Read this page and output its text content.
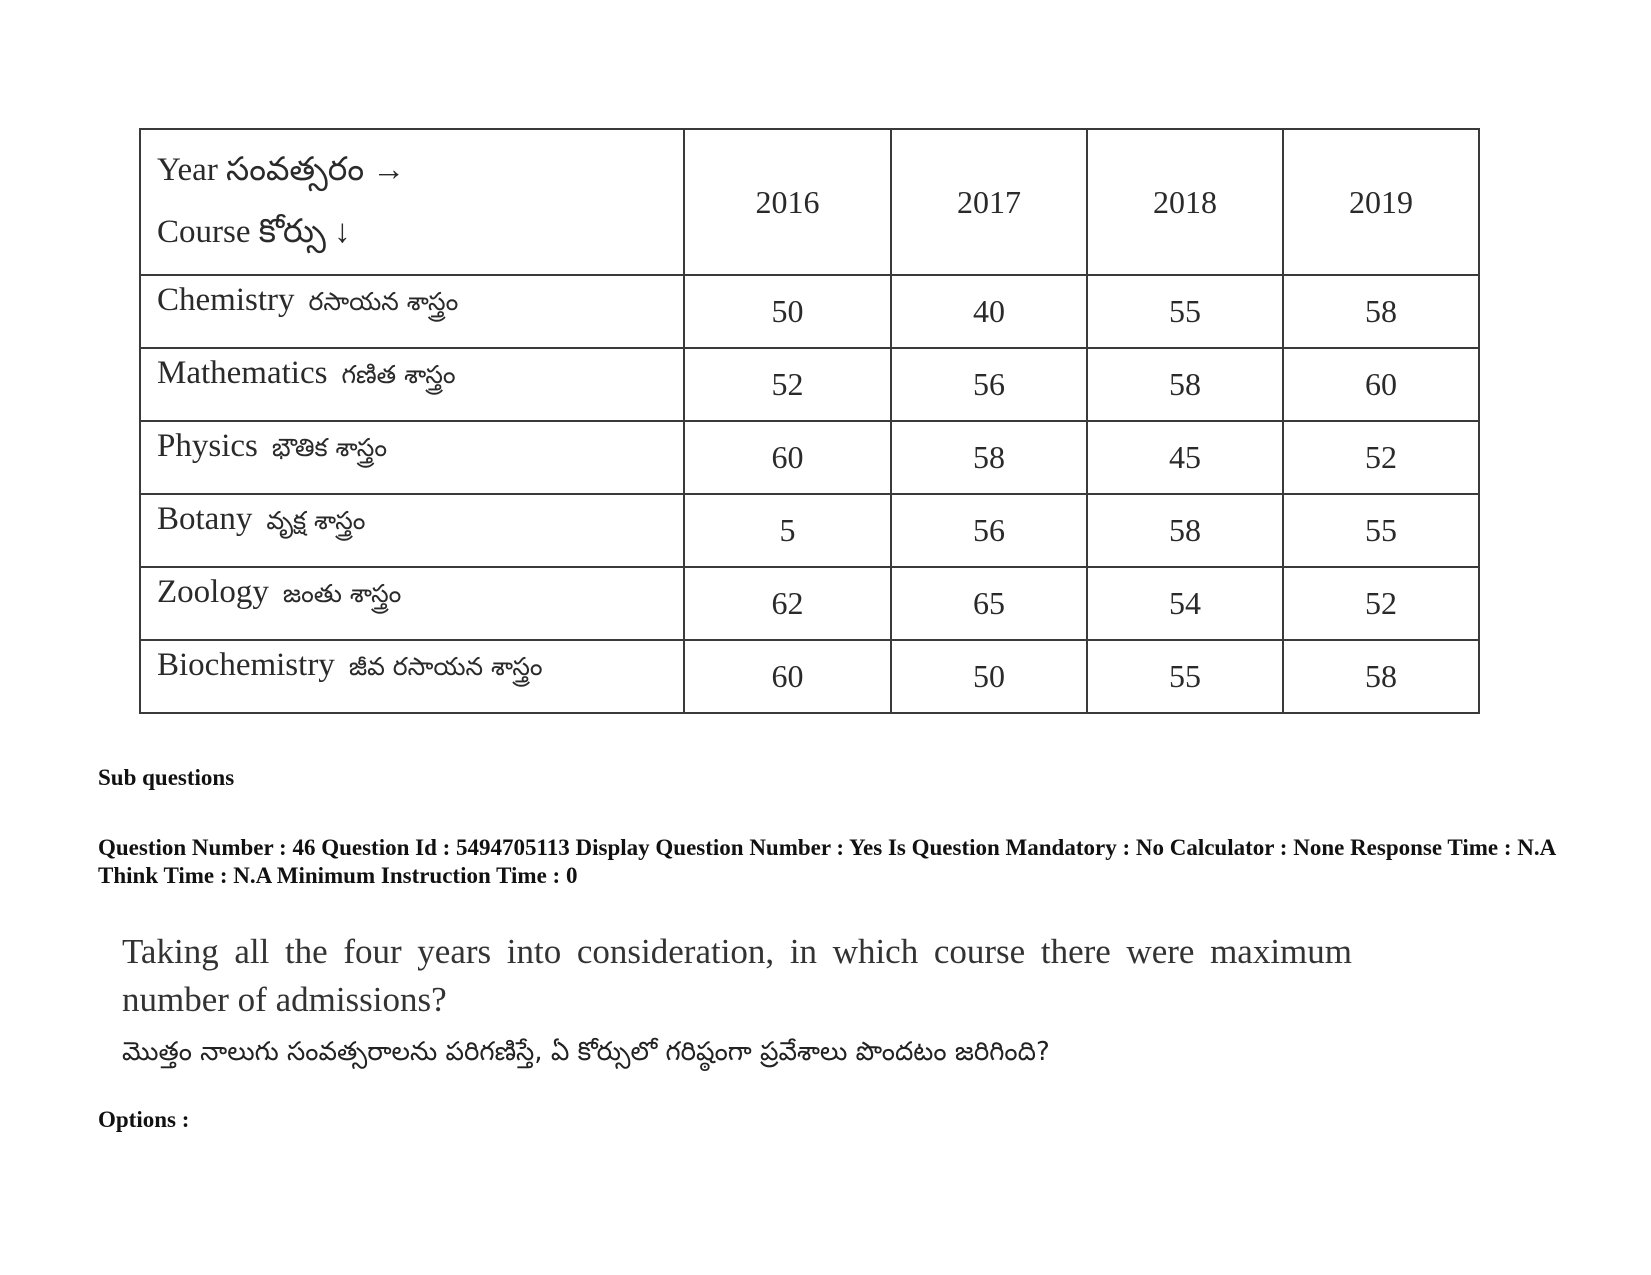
Year సంవత్సరం →
Course కోర్సు ↓	2016	2017	2018	2019
Chemistry రసాయన శాస్త్రం	50	40	55	58
Mathematics గణిత శాస్త్రం	52	56	58	60
Physics భౌతిక శాస్త్రం	60	58	45	52
Botany వృక్ష శాస్త్రం	5	56	58	55
Zoology జంతు శాస్త్రం	62	65	54	52
Biochemistry జీవ రసాయన శాస్త్రం	60	50	55	58

Sub questions

Question Number : 46 Question Id : 5494705113 Display Question Number : Yes Is Question Mandatory : No Calculator : None Response Time : N.A Think Time : N.A Minimum Instruction Time : 0

Taking all the four years into consideration, in which course there were maximum number of admissions?

మొత్తం నాలుగు సంవత్సరాలను పరిగణిస్తే, ఏ కోర్సులో గరిష్ఠంగా ప్రవేశాలు పొందటం జరిగింది?

Options :
